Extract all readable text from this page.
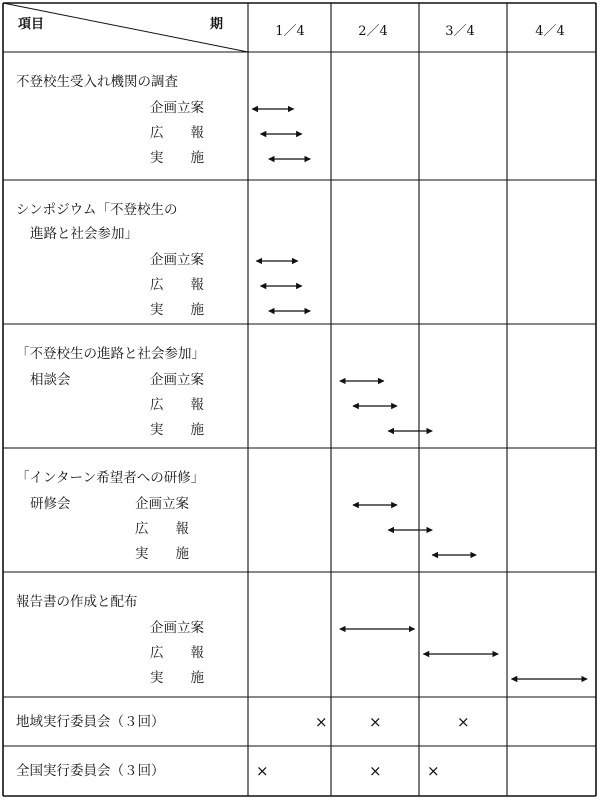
項目	期	1／4	2／4	3／4	4／4
不登校生受入れ機関の調査
企画立案
広　　報
実　　施
シンポジウム「不登校生の
進路と社会参加」
企画立案
広　　報
実　　施
「不登校生の進路と社会参加」
相談会	企画立案
広　　報
実　　施
「インターン希望者への研修」
研修会	企画立案
広　　報
実　　施
報告書の作成と配布
企画立案
広　　報
実　　施
地域実行委員会（３回）	×	×	×
全国実行委員会（３回）	×	×	×
